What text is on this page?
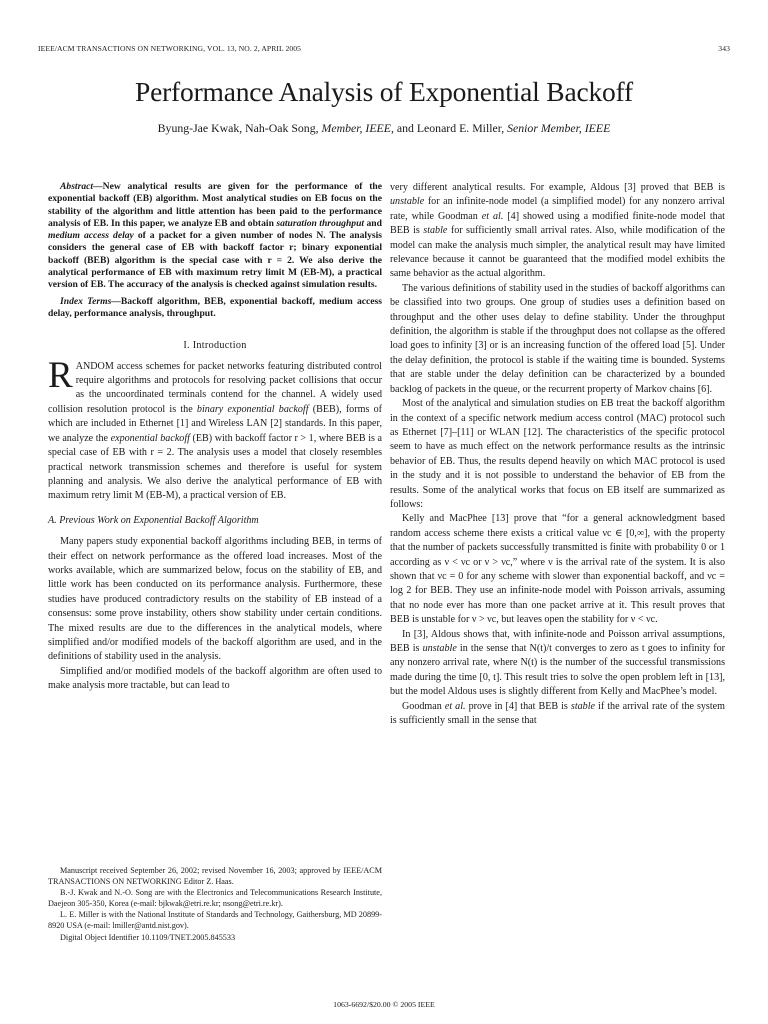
IEEE/ACM TRANSACTIONS ON NETWORKING, VOL. 13, NO. 2, APRIL 2005	343
Performance Analysis of Exponential Backoff
Byung-Jae Kwak, Nah-Oak Song, Member, IEEE, and Leonard E. Miller, Senior Member, IEEE

Abstract—New analytical results are given for the performance of the exponential backoff (EB) algorithm. Most analytical studies on EB focus on the stability of the algorithm and little attention has been paid to the performance analysis of EB. In this paper, we analyze EB and obtain saturation throughput and medium access delay of a packet for a given number of nodes N. The analysis considers the general case of EB with backoff factor r; binary exponential backoff (BEB) algorithm is the special case with r = 2. We also derive the analytical performance of EB with maximum retry limit M (EB-M), a practical version of EB. The accuracy of the analysis is checked against simulation results.

Index Terms—Backoff algorithm, BEB, exponential backoff, medium access delay, performance analysis, throughput.

I. Introduction

RANDOM access schemes for packet networks featuring distributed control require algorithms and protocols for resolving packet collisions that occur as the uncoordinated terminals contend for the channel. A widely used collision resolution protocol is the binary exponential backoff (BEB), forms of which are included in Ethernet [1] and Wireless LAN [2] standards. In this paper, we analyze the exponential backoff (EB) with backoff factor r > 1, where BEB is a special case of EB with r = 2. The analysis uses a model that closely resembles practical network transmission schemes and therefore is useful for system planning and analysis. We also derive the analytical performance of EB with maximum retry limit M (EB-M), a practical version of EB.

A. Previous Work on Exponential Backoff Algorithm

Many papers study exponential backoff algorithms including BEB, in terms of their effect on network performance as the offered load increases. Most of the works available, which are summarized below, focus on the stability of EB, and little work has been conducted on its performance analysis. Furthermore, these studies have produced contradictory results on the stability of EB instead of a consensus: some prove instability, others show stability under certain conditions. The mixed results are due to the differences in the analytical models, where simplified and/or modified models of the backoff algorithm are used, and in the definitions of stability used in the analysis.

Simplified and/or modified models of the backoff algorithm are often used to make analysis more tractable, but can lead to

Manuscript received September 26, 2002; revised November 16, 2003; approved by IEEE/ACM TRANSACTIONS ON NETWORKING Editor Z. Haas.

B.-J. Kwak and N.-O. Song are with the Electronics and Telecommunications Research Institute, Daejeon 305-350, Korea (e-mail: bjkwak@etri.re.kr; nsong@etri.re.kr).

L. E. Miller is with the National Institute of Standards and Technology, Gaithersburg, MD 20899-8920 USA (e-mail: lmiller@antd.nist.gov).

Digital Object Identifier 10.1109/TNET.2005.845533

very different analytical results. For example, Aldous [3] proved that BEB is unstable for an infinite-node model (a simplified model) for any nonzero arrival rate, while Goodman et al. [4] showed using a modified finite-node model that BEB is stable for sufficiently small arrival rates. Also, while modification of the model can make the analysis much simpler, the analytical result may have limited relevance because it cannot be guaranteed that the modified model exhibits the same behavior as the actual algorithm.

The various definitions of stability used in the studies of backoff algorithms can be classified into two groups. One group of studies uses a definition based on throughput and the other uses delay to define stability. Under the throughput definition, the algorithm is stable if the throughput does not collapse as the offered load goes to infinity [3] or is an increasing function of the offered load [5]. Under the delay definition, the protocol is stable if the waiting time is bounded. Systems that are stable under the delay definition can be characterized by a bounded backlog of packets in the queue, or the recurrent property of Markov chains [6].

Most of the analytical and simulation studies on EB treat the backoff algorithm in the context of a specific network medium access control (MAC) protocol such as Ethernet [7]–[11] or WLAN [12]. The characteristics of the specific protocol seem to have as much effect on the network performance results as the intrinsic behavior of EB. Thus, the results depend heavily on which MAC protocol is used in the study and it is not possible to understand the behavior of EB from the results. Some of the analytical works that focus on EB itself are summarized as follows:

Kelly and MacPhee [13] prove that “for a general acknowledgment based random access scheme there exists a critical value νc ∈ [0,∞], with the property that the number of packets successfully transmitted is finite with probability 0 or 1 according as ν < νc or ν > νc,” where ν is the arrival rate of the system. It is also shown that νc = 0 for any scheme with slower than exponential backoff, and νc = log 2 for BEB. They use an infinite-node model with Poisson arrivals, assuming that no node ever has more than one packet arrive at it. This result proves that BEB is unstable for ν > νc, but leaves open the stability for ν < νc.

In [3], Aldous shows that, with infinite-node and Poisson arrival assumptions, BEB is unstable in the sense that N(t)/t converges to zero as t goes to infinity for any nonzero arrival rate, where N(t) is the number of the successful transmissions made during the time [0, t]. This result tries to solve the open problem left in [13], but the model Aldous uses is slightly different from Kelly and MacPhee’s model.

Goodman et al. prove in [4] that BEB is stable if the arrival rate of the system is sufficiently small in the sense that

1063-6692/$20.00 © 2005 IEEE
